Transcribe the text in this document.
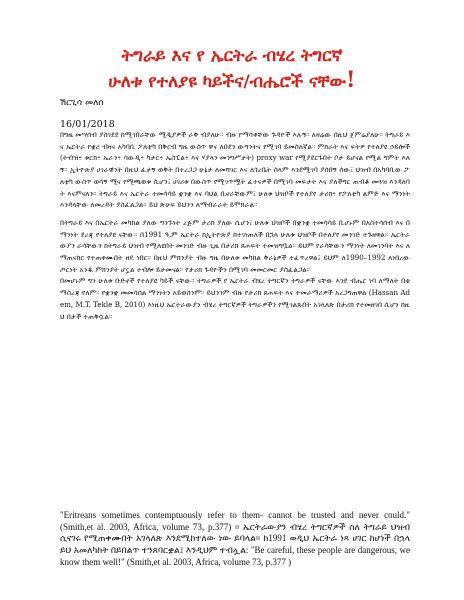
ትግራይ እና የ ኤርትራ ብሄረ ትግርኛ
ሁለቱ የተለያዩ ካይችና/ብሔሮች ናቸው!
ሽርጊሳ መለሰ
16/01/2018

በግዜ መሣሰብ ያስገደደ ከሚገበራቸው ሚዲያዎች ራቅ ብያለሁ። ብዙ የማሳቀቸው ጉዳዮች እሉኝ። ለዛሬው በዚህ ጀምሬያለሁ። ትግራይ እና ኤርትራ የቋሪ ብዛና አካባቢ ፖለቲካ በቅርብ ግዜ ውስጥ ዋና ለበደን ውግንትና የሚገባ ይመስለኛል። ምክራት እና ፍትዎ የተለያዩ ኃይሎች (ትብዝ፥ ቱርክ፥ ኤራን፥ ሳውዲ፥ ካታር፥ ኤስፔል፥ እና ሃያላን መንግሥታት) proxy war የሚያደርጉበት ቦታ ይሆናል የሚል ግምት እለኝ። ኢትዮጵያ ሀገራዊንት በዚህ ፈታኝ ወቅት በተረጋጋ ሁኔታ ለመሻገር እና ለጎረቤት ሰላም እንደሚገባ ያሰበኝ ሰው፤ ህዝብ በአካባቢው ፖለቲካ ውስጥ ወሳኝ ሚና የሚጫወቱ ሲሆን፤ ሀገሪቱ በውስጥ የሚገጥሟት ፈተናዎች በሚገባ መፍታት እና ያለችግር ጠብቆ መጓዝ እንዳለባት እናምናለን። ትግራይ እና ኤርትራ ተመሳሳይ ቋንቋ እና ባህል ቢኖራቸውም፤ ሁለቱ ህዝቦች የተለያየ ታሪክ፥ የፖለቲካ ልምድ እና ማንነት እንዳላቸው ለመረዳት ያስፈልጋል። ይህ ጽሁፍ ይህንን ለማብራራት ይሞክራል።

በትግራይ እና በኤርትራ መካከል ያለው ግንኙነት ረጅም ታሪክ ያለው ሲሆን፤ ሁለቱ ህዝቦች በቋንቋ ተመሳሳይ ቢሆኑም በአስተሳሰብ እና በማንነት ደረጃ የተለያዩ ናቸው። በ1991 ዓ.ም ኤርትራ ከኢትዮጵያ ከተገነጠለች በኋላ ሁለቱ ህዝቦች በተለያየ መንገድ ተጉዘዋል። ኤርትራውያን ራሳቸውን ከትግራይ ህዝብ የሚለዩበት መንገድ ብዙ ጊዜ በታሪክ ጸሐፍት ተመዝግቧል። ይህም የራሳቸውን ማንነት ለመገንባት እና ለማጠናከር የተጠቀሙበት ዘዴ ነበር። በዚህ ምክንያት ብዙ ግዜ በሁለቱ መካከል ቅራኔዎች ተፈጥረዋል፤ ይህም ለ1990–1992 ለነበረው ጦርነት አንዱ ምክንያት ሆኗል ተብሎ ይታመናል። የታሪክ ጉዳዮችን በሚገባ መመርመር ያስፈልጋል።

በመሆኑም ግን ሁለቱ ቡድኖች የተለያዩ ካይች ናቸው። ትግራዎች የ ኤርትራ ብሄረ ትግርኛን ትግራዎች ናቸው እንደ ብሔር ነባ ለማለት በቂ ማስረጃ የለም። የቋንቋ መመሳሰል ማንነትን አይወስንም። ይህንንም ብዙ የታሪክ ጸሐፍት እና ተመራማሪዎች አረጋግጠዋል (Hassan Adem, M.T, Tekle B, 2010) እነዚህ ኤርትራውያን ብሄረ ትግርኛዎች ትግራዎችን የሚገልጹበት አገላለጽ በታሪክ የተመዘገበ ሲሆን ከዚህ በታች ተጠቅሷል።

"Eritreans sometimes contemptuously refer to them- cannot be trusted and never could." (Smith,et al. 2003, Africa, volume 73, p.377) ። ኤርትራውያን ብሄረ ትግርኛዎች ስለ ትግራይ ህዝብ ሲናገሩ የሚጠቀሙበት አገላለጽ እንደሚከተለው ነው ይባላል። ከ1991 ወዲህ ኤርትራ ነጻ ሀገር ከሆነች በኋላ ይህ አመለካከት በይበልጥ ተንጸባርቋል፤ እንዲህም ተብሏል: "Be careful, these people are dangerous, we know them well!" (Smith,et al. 2003, Africa, volume 73, p.377 )
